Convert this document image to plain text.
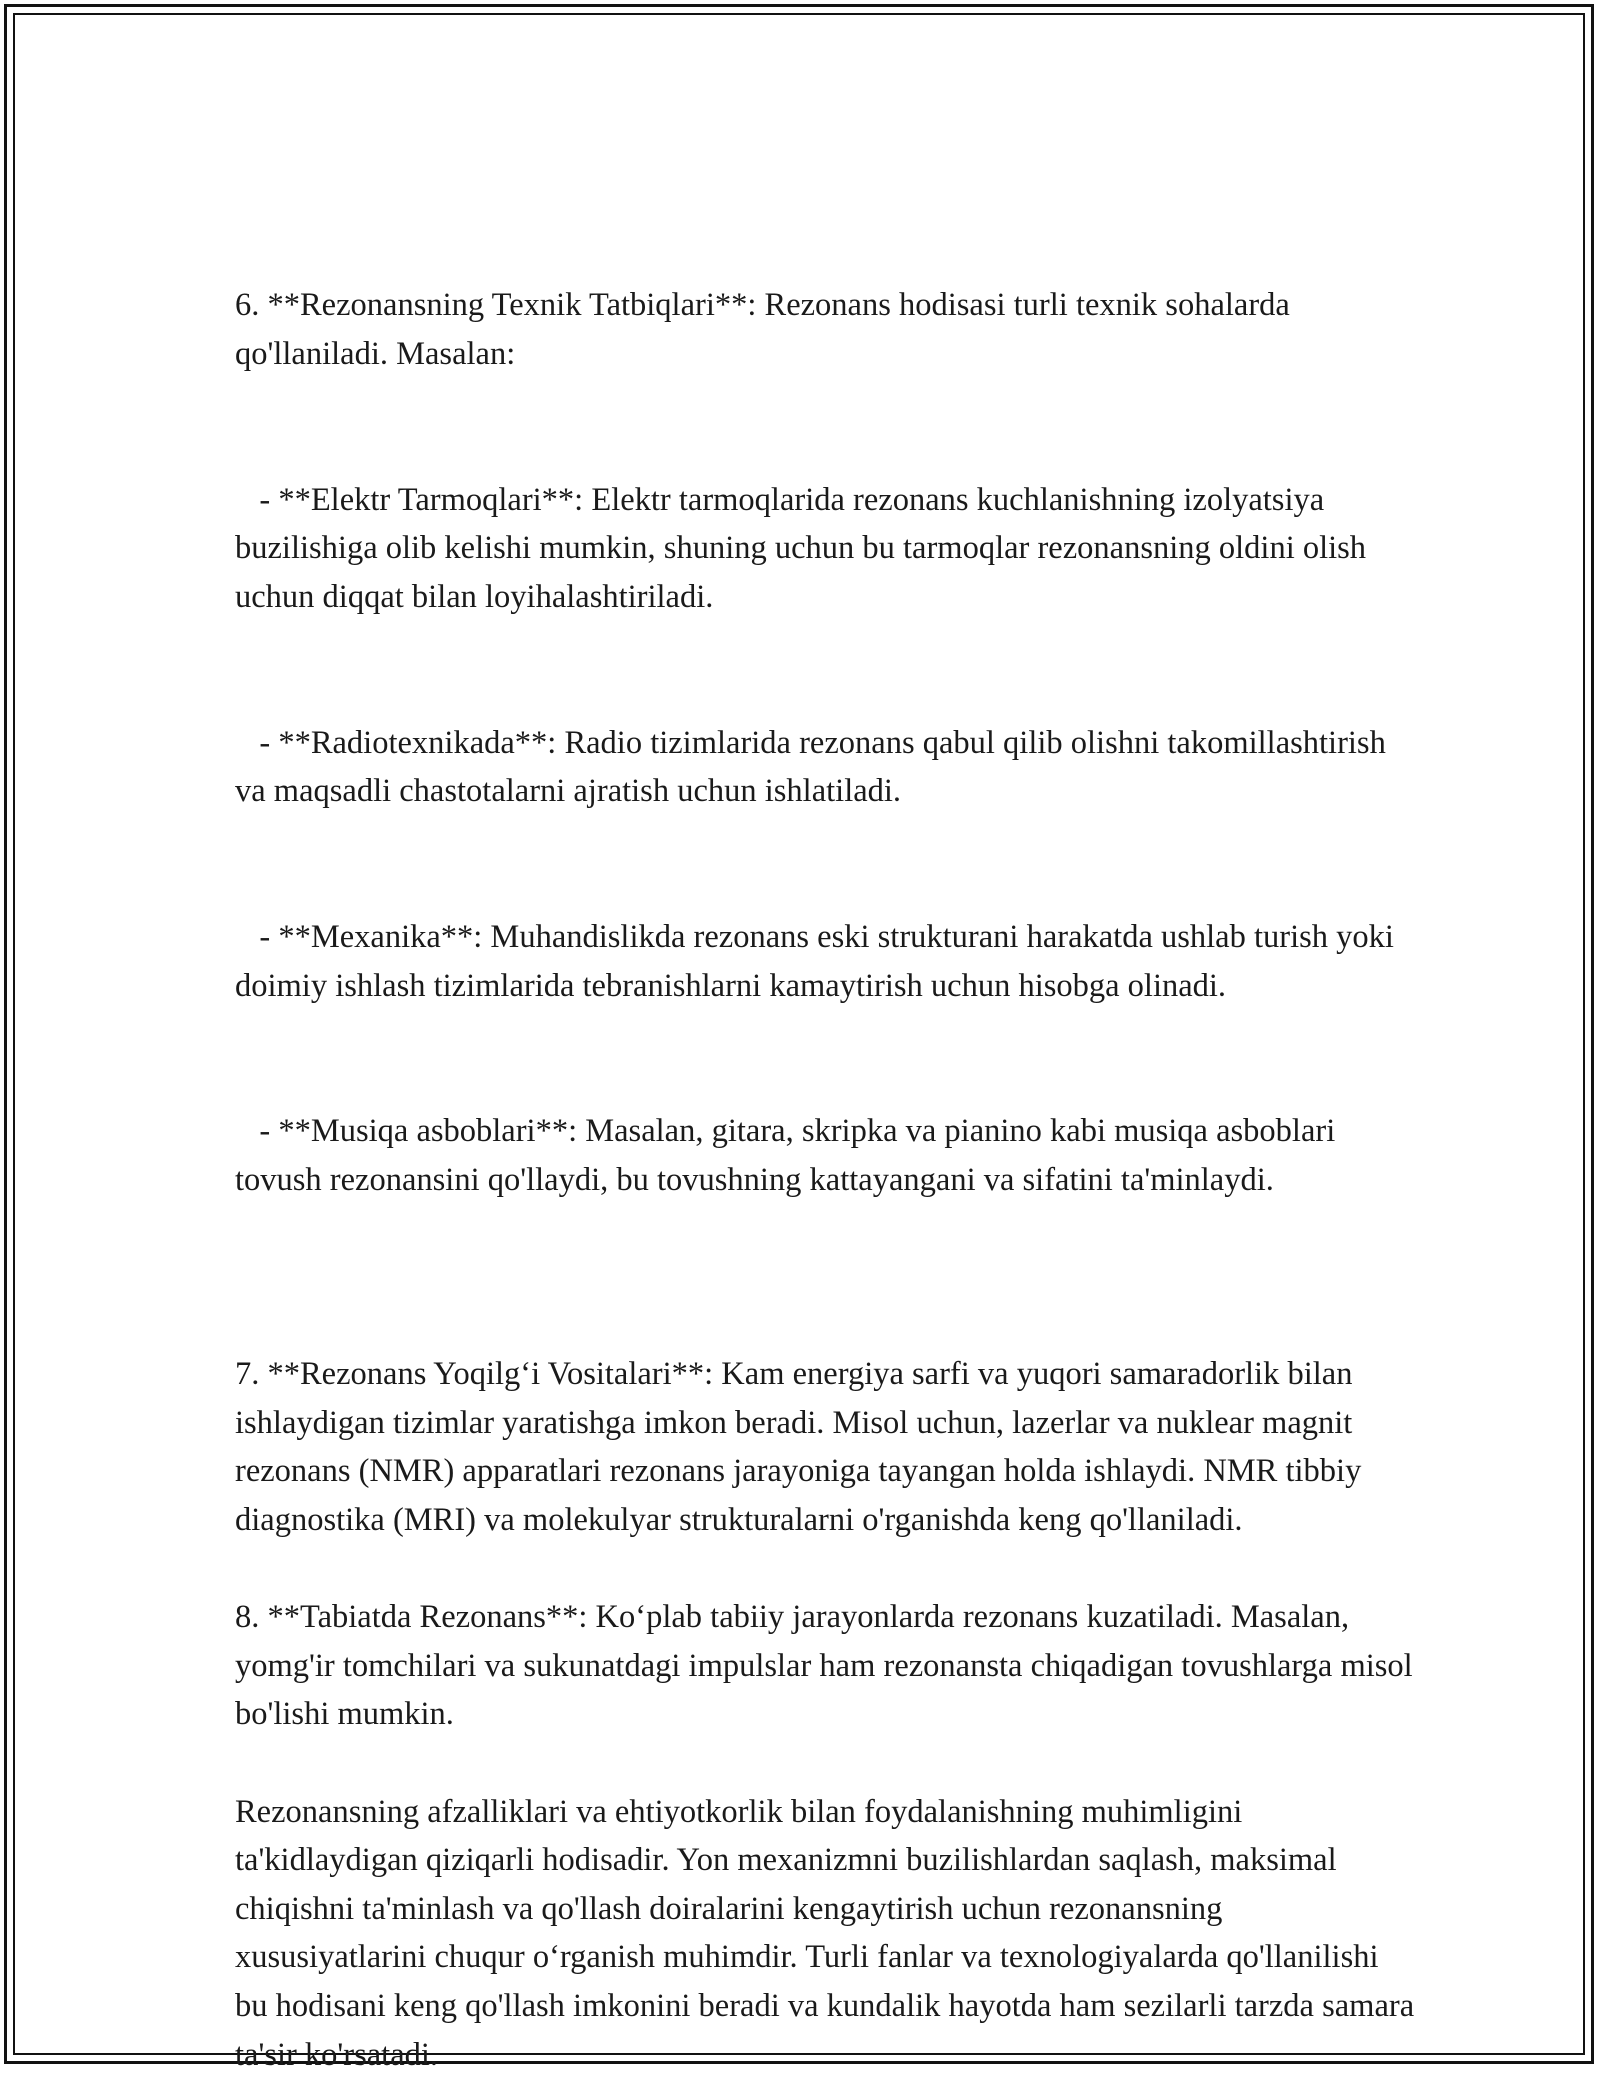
6. **Rezonansning Texnik Tatbiqlari**: Rezonans hodisasi turli texnik sohalarda qo'llaniladi. Masalan:

- **Elektr Tarmoqlari**: Elektr tarmoqlarida rezonans kuchlanishning izolyatsiya buzilishiga olib kelishi mumkin, shuning uchun bu tarmoqlar rezonansning oldini olish uchun diqqat bilan loyihalashtiriladi.

- **Radiotexnikada**: Radio tizimlarida rezonans qabul qilib olishni takomillashtirish va maqsadli chastotalarni ajratish uchun ishlatiladi.

- **Mexanika**: Muhandislikda rezonans eski strukturani harakatda ushlab turish yoki doimiy ishlash tizimlarida tebranishlarni kamaytirish uchun hisobga olinadi.

- **Musiqa asboblari**: Masalan, gitara, skripka va pianino kabi musiqa asboblari tovush rezonansini qo'llaydi, bu tovushning kattayangani va sifatini ta'minlaydi.

7. **Rezonans Yoqilg‘i Vositalari**: Kam energiya sarfi va yuqori samaradorlik bilan ishlaydigan tizimlar yaratishga imkon beradi. Misol uchun, lazerlar va nuklear magnit rezonans (NMR) apparatlari rezonans jarayoniga tayangan holda ishlaydi. NMR tibbiy diagnostika (MRI) va molekulyar strukturalarni o'rganishda keng qo'llaniladi.
8. **Tabiatda Rezonans**: Ko‘plab tabiiy jarayonlarda rezonans kuzatiladi. Masalan, yomg'ir tomchilari va sukunatdagi impulslar ham rezonansta chiqadigan tovushlarga misol bo'lishi mumkin.
Rezonansning afzalliklari va ehtiyotkorlik bilan foydalanishning muhimligini ta'kidlaydigan qiziqarli hodisadir. Yon mexanizmni buzilishlardan saqlash, maksimal chiqishni ta'minlash va qo'llash doiralarini kengaytirish uchun rezonansning xususiyatlarini chuqur o‘rganish muhimdir. Turli fanlar va texnologiyalarda qo'llanilishi bu hodisani keng qo'llash imkonini beradi va kundalik hayotda ham sezilarli tarzda samara ta'sir ko'rsatadi.
